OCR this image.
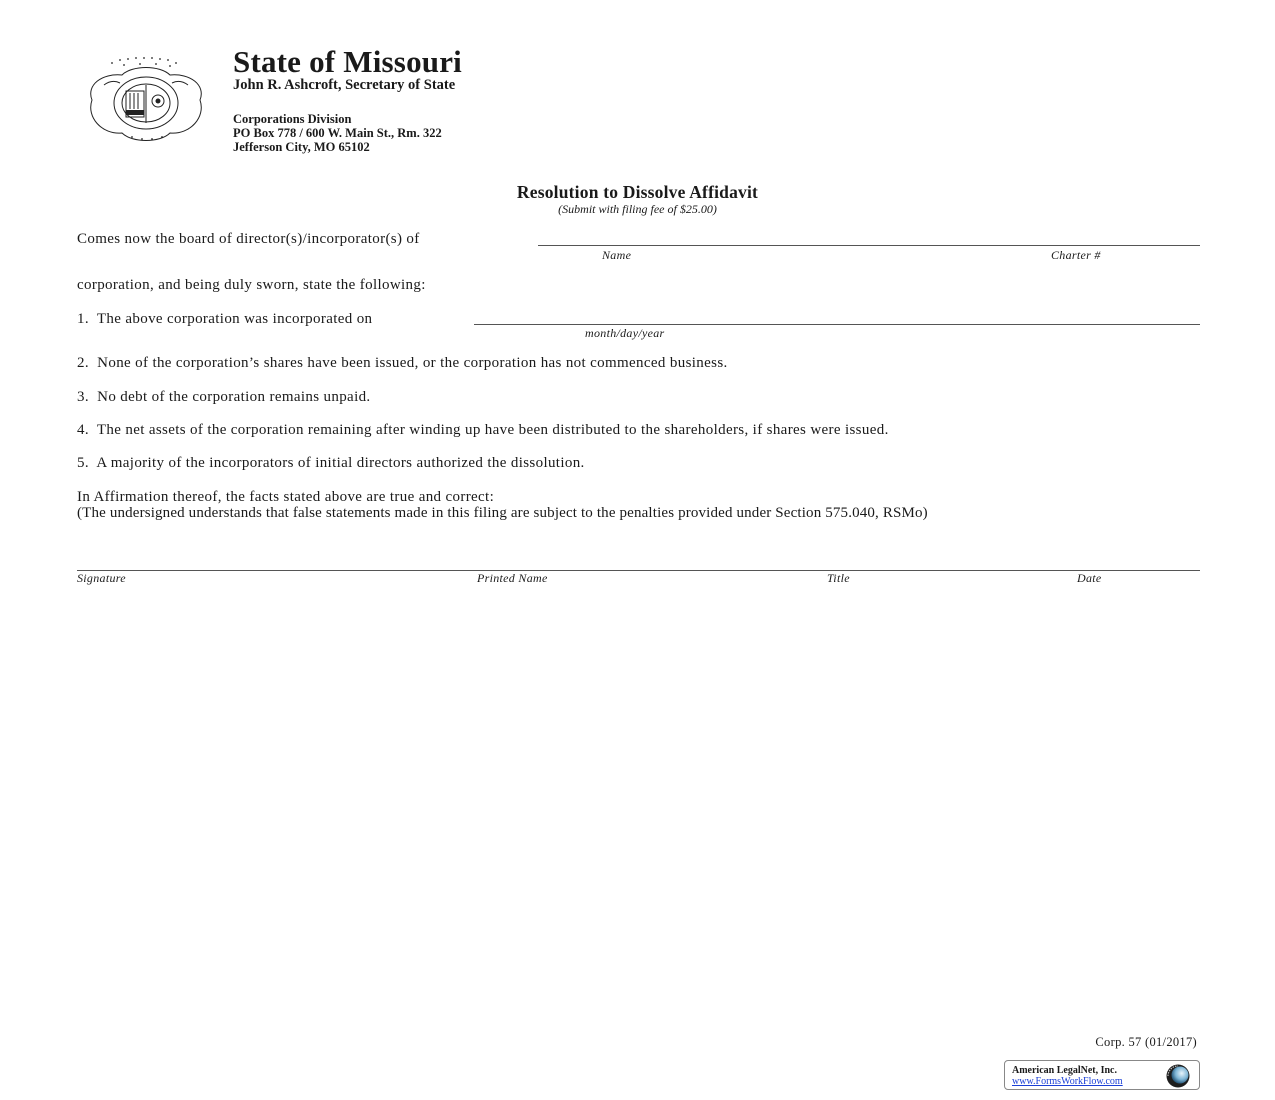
State of Missouri
John R. Ashcroft, Secretary of State
Corporations Division
PO Box 778 / 600 W. Main St., Rm. 322
Jefferson City, MO 65102
Resolution to Dissolve Affidavit
(Submit with filing fee of $25.00)
Comes now the board of director(s)/incorporator(s) of
Name	Charter #
corporation, and being duly sworn, state the following:
1. The above corporation was incorporated on
month/day/year
2. None of the corporation’s shares have been issued, or the corporation has not commenced business.
3. No debt of the corporation remains unpaid.
4. The net assets of the corporation remaining after winding up have been distributed to the shareholders, if shares were issued.
5. A majority of the incorporators of initial directors authorized the dissolution.
In Affirmation thereof, the facts stated above are true and correct:
(The undersigned understands that false statements made in this filing are subject to the penalties provided under Section 575.040, RSMo)
Signature	Printed Name	Title	Date
Corp. 57 (01/2017)
American LegalNet, Inc.
www.FormsWorkFlow.com
